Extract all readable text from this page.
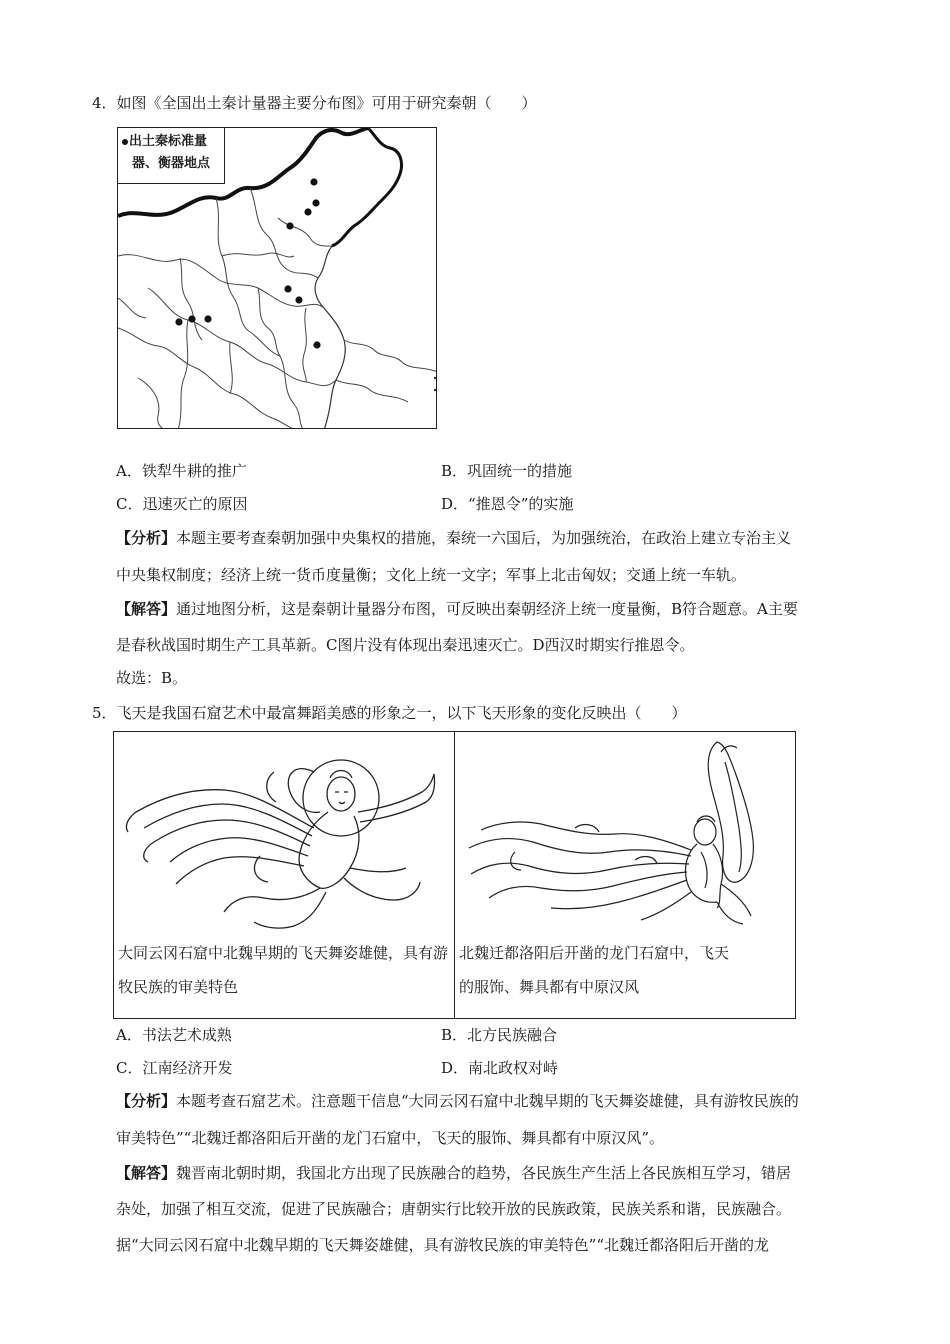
4．如图《全国出土秦计量器主要分布图》可用于研究秦朝（　　）
出土秦标准量
器、衡器地点
A．铁犁牛耕的推广	B．巩固统一的措施
C．迅速灭亡的原因	D．“推恩令”的实施
【分析】本题主要考查秦朝加强中央集权的措施，秦统一六国后，为加强统治，在政治上建立专治主义
中央集权制度；经济上统一货币度量衡；文化上统一文字；军事上北击匈奴；交通上统一车轨。
【解答】通过地图分析，这是秦朝计量器分布图，可反映出秦朝经济上统一度量衡，B符合题意。A主要
是春秋战国时期生产工具革新。C图片没有体现出秦迅速灭亡。D西汉时期实行推恩令。
故选：B。
5．飞天是我国石窟艺术中最富舞蹈美感的形象之一，以下飞天形象的变化反映出（　　）
大同云冈石窟中北魏早期的飞天舞姿雄健，具有游牧民族的审美特色
北魏迁都洛阳后开凿的龙门石窟中，飞天
的服饰、舞具都有中原汉风
A．书法艺术成熟	B．北方民族融合
C．江南经济开发	D．南北政权对峙
【分析】本题考查石窟艺术。注意题干信息“大同云冈石窟中北魏早期的飞天舞姿雄健，具有游牧民族的
审美特色”“北魏迁都洛阳后开凿的龙门石窟中，飞天的服饰、舞具都有中原汉风”。
【解答】魏晋南北朝时期，我国北方出现了民族融合的趋势，各民族生产生活上各民族相互学习，错居
杂处，加强了相互交流，促进了民族融合；唐朝实行比较开放的民族政策，民族关系和谐，民族融合。
据“大同云冈石窟中北魏早期的飞天舞姿雄健，具有游牧民族的审美特色”“北魏迁都洛阳后开凿的龙
